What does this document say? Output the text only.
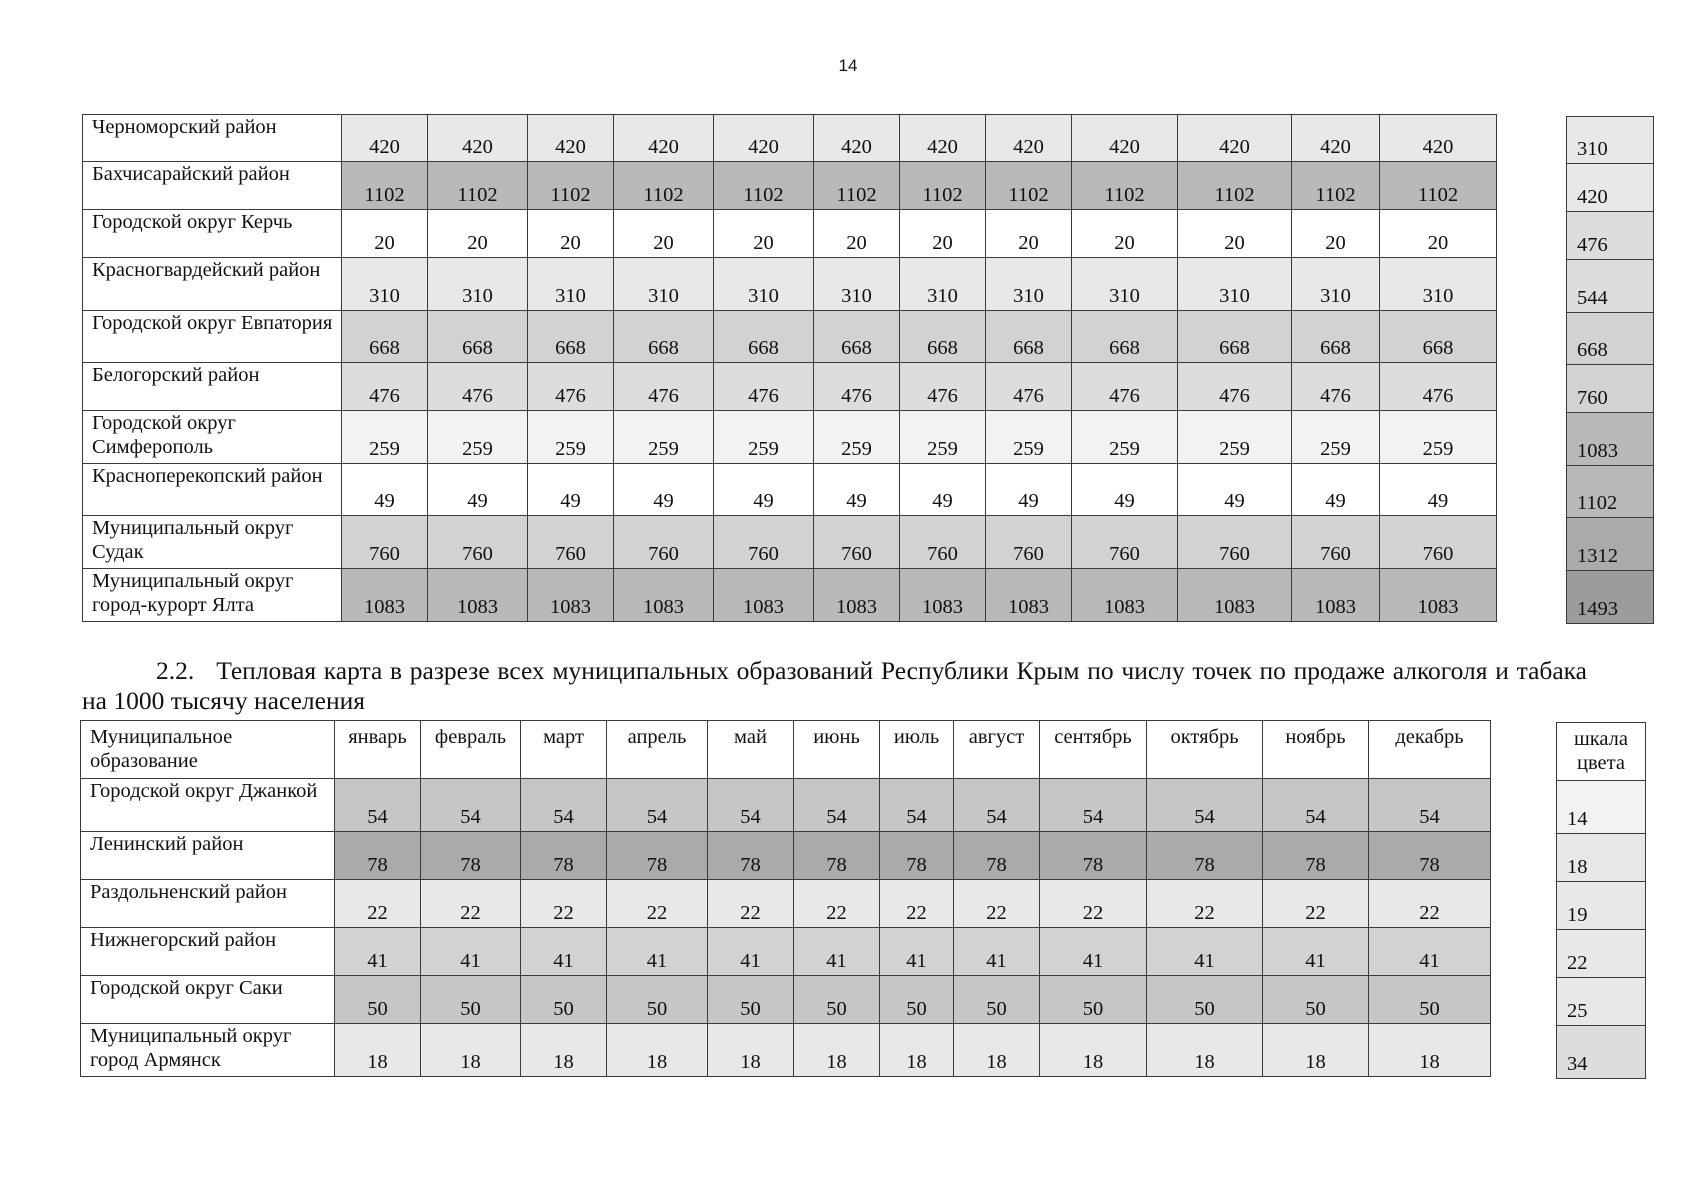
14
Черноморский район	420	420	420	420	420	420	420	420	420	420	420	420
Бахчисарайский район	1102	1102	1102	1102	1102	1102	1102	1102	1102	1102	1102	1102
Городской округ Керчь	20	20	20	20	20	20	20	20	20	20	20	20
Красногвардейский район	310	310	310	310	310	310	310	310	310	310	310	310
Городской округ Евпатория	668	668	668	668	668	668	668	668	668	668	668	668
Белогорский район	476	476	476	476	476	476	476	476	476	476	476	476
Городской округ Симферополь	259	259	259	259	259	259	259	259	259	259	259	259
Красноперекопский район	49	49	49	49	49	49	49	49	49	49	49	49
Муниципальный округ Судак	760	760	760	760	760	760	760	760	760	760	760	760
Муниципальный округ город-курорт Ялта	1083	1083	1083	1083	1083	1083	1083	1083	1083	1083	1083	1083
310
420
476
544
668
760
1083
1102
1312
1493

2.2. Тепловая карта в разрезе всех муниципальных образований Республики Крым по числу точек по продаже алкоголя и табака на 1000 тысячу населения

Муниципальное образование	январь	февраль	март	апрель	май	июнь	июль	август	сентябрь	октябрь	ноябрь	декабрь
Городской округ Джанкой	54	54	54	54	54	54	54	54	54	54	54	54
Ленинский район	78	78	78	78	78	78	78	78	78	78	78	78
Раздольненский район	22	22	22	22	22	22	22	22	22	22	22	22
Нижнегорский район	41	41	41	41	41	41	41	41	41	41	41	41
Городской округ Саки	50	50	50	50	50	50	50	50	50	50	50	50
Муниципальный округ город Армянск	18	18	18	18	18	18	18	18	18	18	18	18
шкала цвета
14
18
19
22
25
34
